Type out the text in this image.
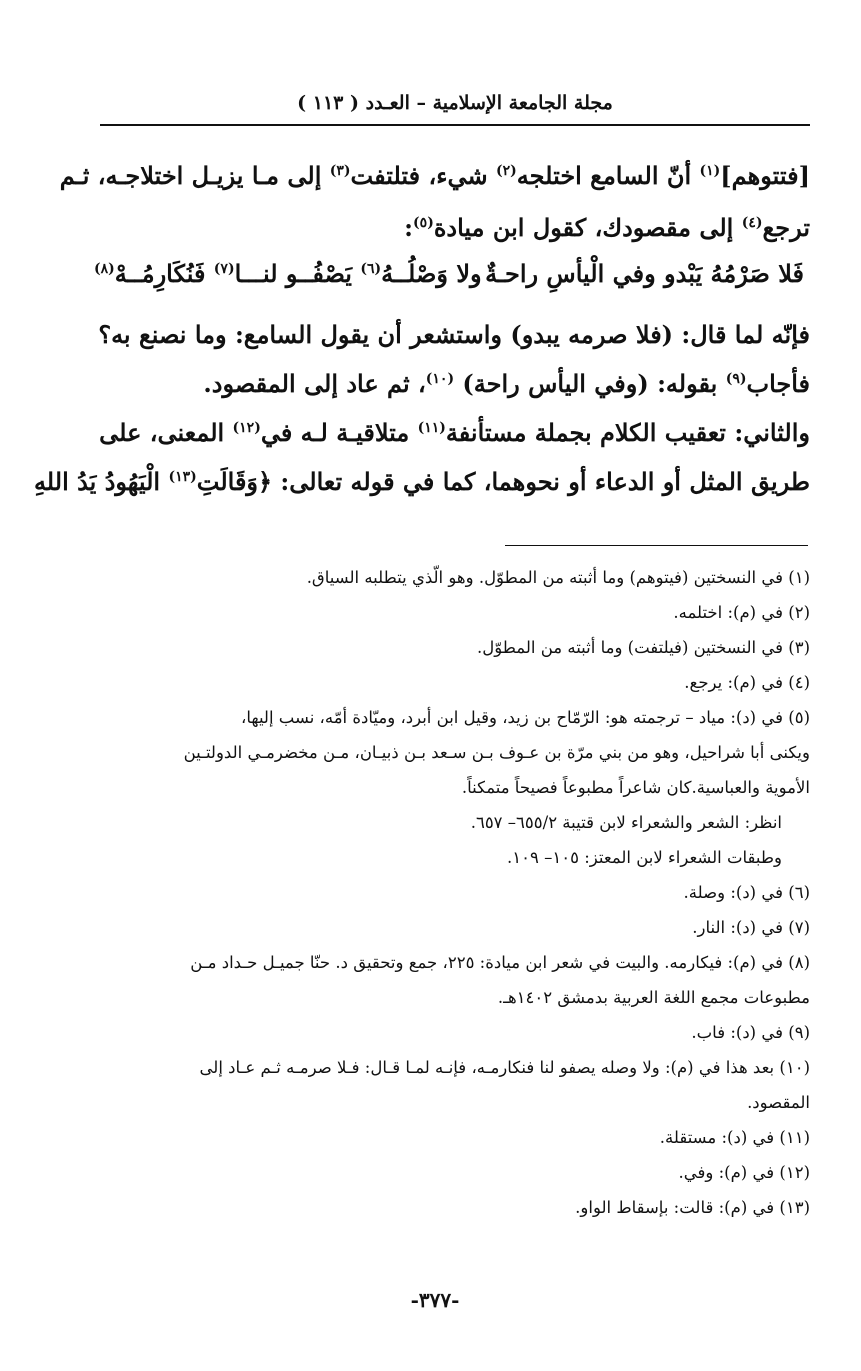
مجلة الجامعة الإسلامية – العـدد ( ١١٣ )
[فتتوهم]$^{(١)}$ أنّ السامع اختلجه$^{(٢)}$ شيء، فتلتفت$^{(٣)}$ إلى مـا يزيـل اختلاجـه، ثـم
ترجع$^{(٤)}$ إلى مقصودك، كقول ابن ميادة$^{(٥)}$:
فَلا صَرْمُهُ يَبْدو وفي الْيأسِ راحـةٌ
ولا وَصْلُــهُ$^{(٦)}$ يَصْفُــو لنـــا$^{(٧)}$ فَنُكَارِمُــهْ$^{(٨)}$
فإنّه لما قال: (فلا صرمه يبدو) واستشعر أن يقول السامع: وما نصنع به؟
فأجاب$^{(٩)}$ بقوله: (وفي اليأس راحة) $^{(١٠)}$، ثم عاد إلى المقصود.
والثاني: تعقيب الكلام بجملة مستأنفة$^{(١١)}$ متلاقيـة لـه في$^{(١٢)}$ المعنى، على
طريق المثل أو الدعاء أو نحوهما، كما في قوله تعالى: ﴿وَقَالَتِ$^{(١٣)}$ الْيَهُودُ يَدُ اللهِ
(١) في النسختين (فيتوهم) وما أثبته من المطوّل. وهو الّذي يتطلبه السياق.
(٢) في (م): اختلمه.
(٣) في النسختين (فيلتفت) وما أثبته من المطوّل.
(٤) في (م): يرجع.
(٥) في (د): مياد – ترجمته هو: الرّمّاح بن زيد، وقيل ابن أبرد، وميّادة أمّه، نسب إليها،
ويكنى أبا شراحيل، وهو من بني مرّة بن عـوف بـن سـعد بـن ذبيـان، مـن مخضرمـي الدولتـين
الأموية والعباسية.كان شاعراً مطبوعاً فصيحاً متمكناً.
انظر: الشعر والشعراء لابن قتيبة ٦٥٥/٢– ٦٥٧.
وطبقات الشعراء لابن المعتز: ١٠٥– ١٠٩.
(٦) في (د): وصلة.
(٧) في (د): النار.
(٨) في (م): فيكارمه. والبيت في شعر ابن ميادة: ٢٢٥، جمع وتحقيق د. حنّا جميـل حـداد مـن
مطبوعات مجمع اللغة العربية بدمشق ١٤٠٢هـ.
(٩) في (د): فاب.
(١٠) بعد هذا في (م): ولا وصله يصفو لنا فنكارمـه، فإنـه لمـا قـال: فـلا صرمـه ثـم عـاد إلى
المقصود.
(١١) في (د): مستقلة.
(١٢) في (م): وفي.
(١٣) في (م): قالت: بإسقاط الواو.
-٣٧٧-
